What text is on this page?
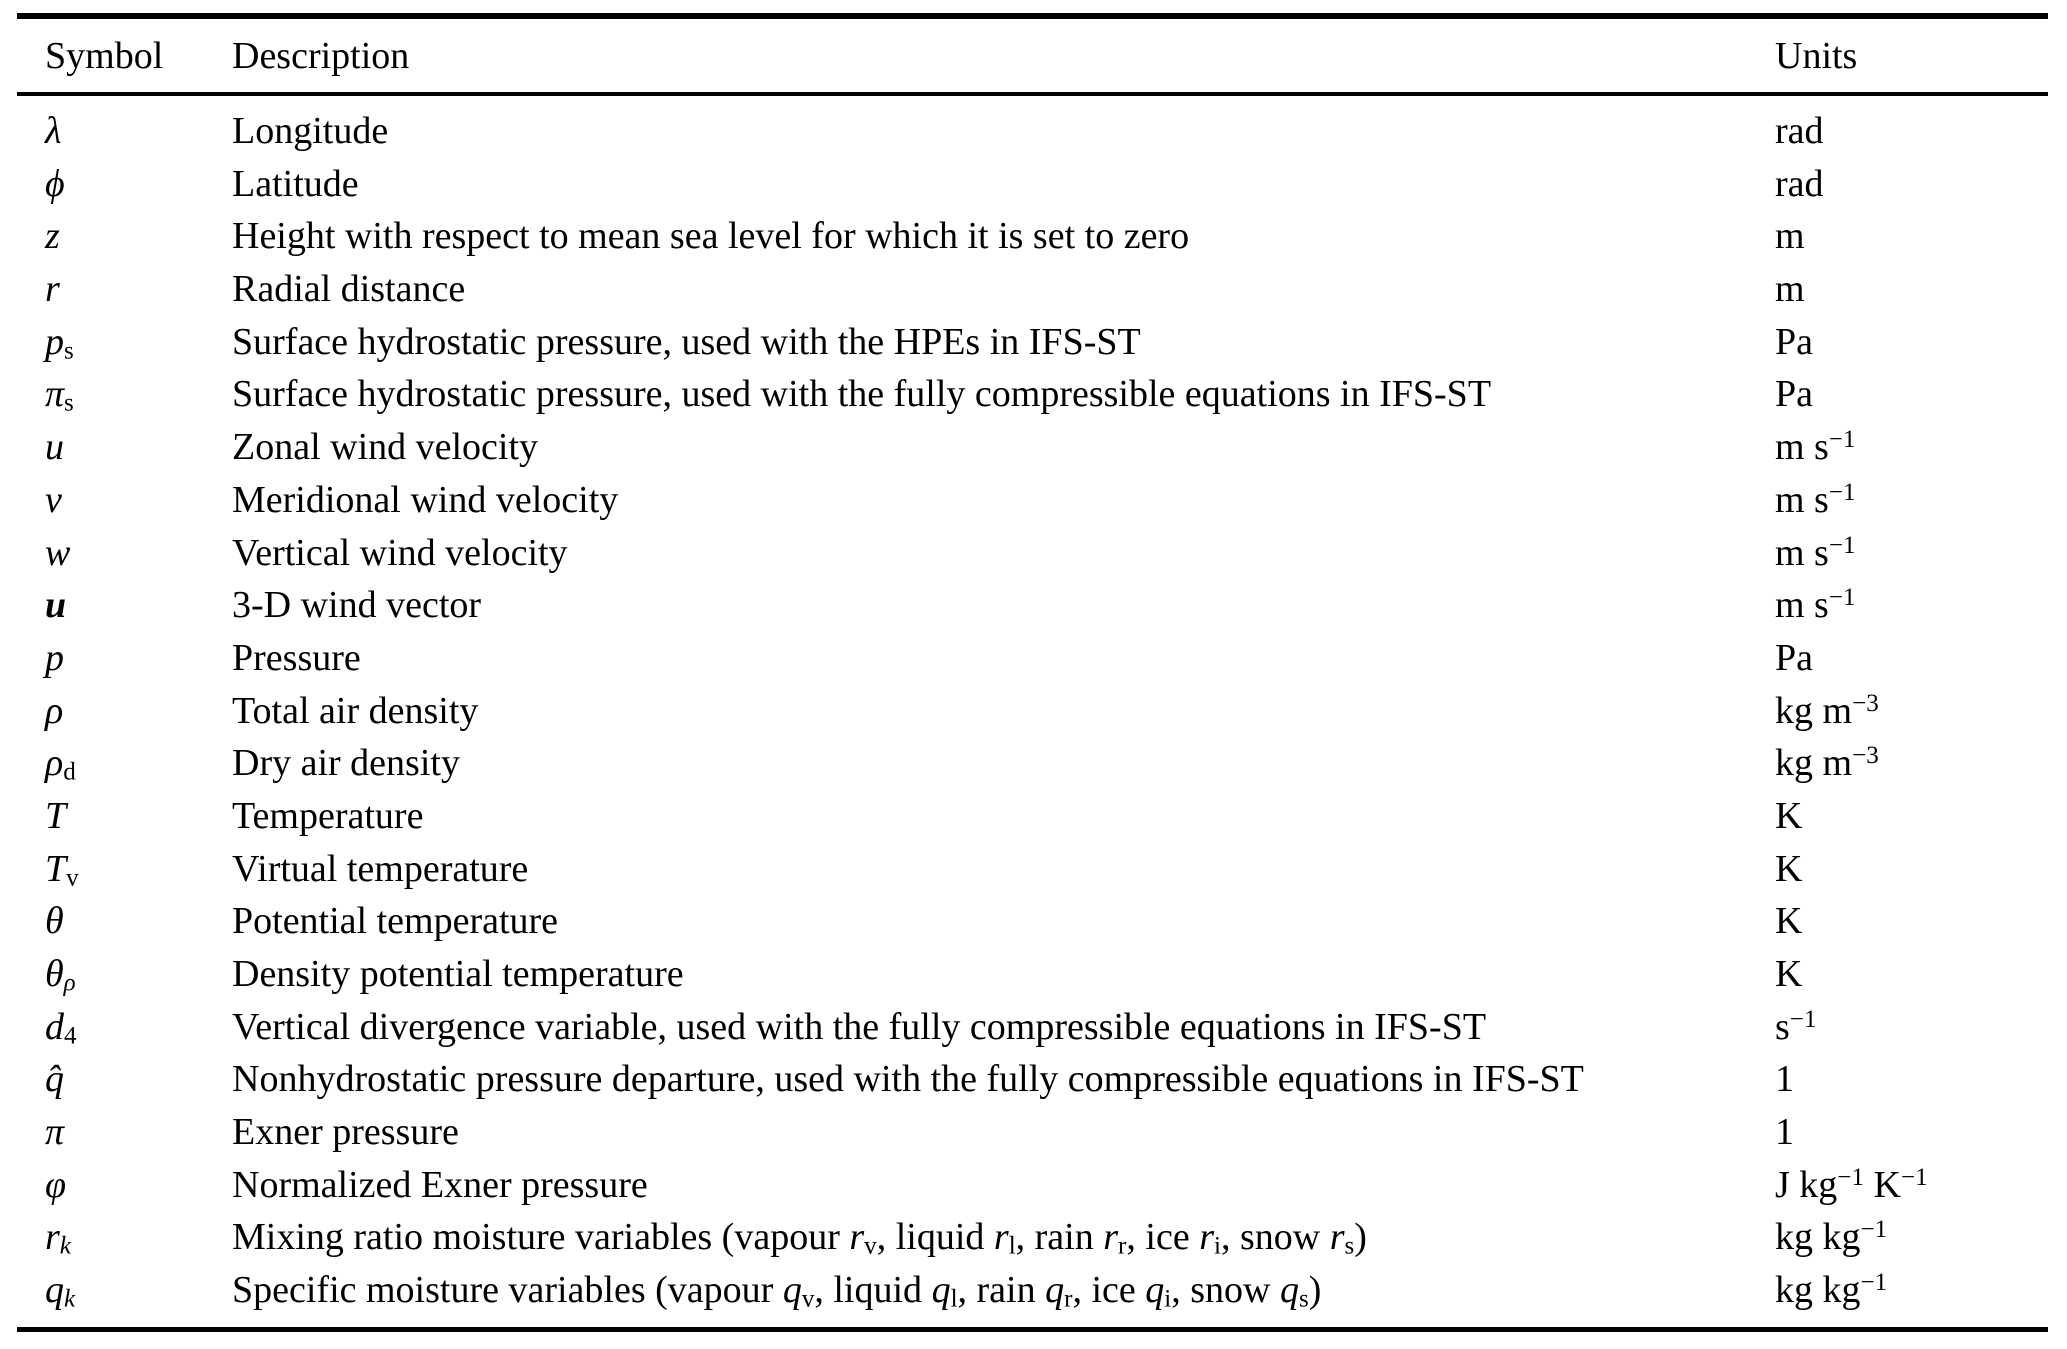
Symbol	Description	Units
λ	Longitude	rad
ϕ	Latitude	rad
z	Height with respect to mean sea level for which it is set to zero	m
r	Radial distance	m
$p_s$	Surface hydrostatic pressure, used with the HPEs in IFS-ST	Pa
$\pi_s$	Surface hydrostatic pressure, used with the fully compressible equations in IFS-ST	Pa
u	Zonal wind velocity	m $s^{-1}$
v	Meridional wind velocity	m $s^{-1}$
w	Vertical wind velocity	m $s^{-1}$
u	3-D wind vector	m $s^{-1}$
p	Pressure	Pa
ρ	Total air density	kg $m^{-3}$
$\rho_d$	Dry air density	kg $m^{-3}$
T	Temperature	K
$T_v$	Virtual temperature	K
θ	Potential temperature	K
$\theta_\rho$	Density potential temperature	K
$d_4$	Vertical divergence variable, used with the fully compressible equations in IFS-ST	$s^{-1}$
q̂	Nonhydrostatic pressure departure, used with the fully compressible equations in IFS-ST	1
π	Exner pressure	1
φ	Normalized Exner pressure	J $kg^{-1}$ $K^{-1}$
$r_k$	Mixing ratio moisture variables (vapour $r_v$, liquid $r_l$, rain $r_r$, ice $r_i$, snow $r_s$)	kg $kg^{-1}$
$q_k$	Specific moisture variables (vapour $q_v$, liquid $q_l$, rain $q_r$, ice $q_i$, snow $q_s$)	kg $kg^{-1}$
